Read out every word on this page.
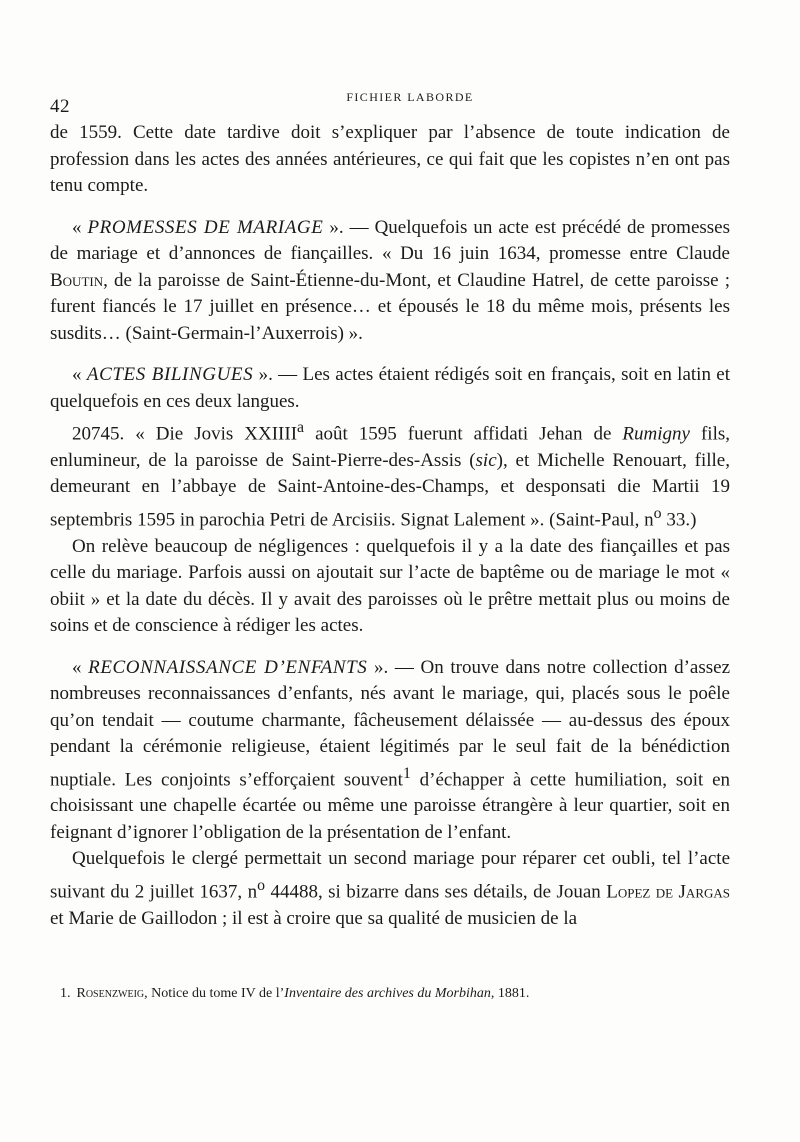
42	FICHIER LABORDE

de 1559. Cette date tardive doit s’expliquer par l’absence de toute indication de profession dans les actes des années antérieures, ce qui fait que les copistes n’en ont pas tenu compte.

« PROMESSES DE MARIAGE ». — Quelquefois un acte est précédé de promesses de mariage et d’annonces de fiançailles. « Du 16 juin 1634, promesse entre Claude Boutin, de la paroisse de Saint-Étienne-du-Mont, et Claudine Hatrel, de cette paroisse ; furent fiancés le 17 juillet en présence… et épousés le 18 du même mois, présents les susdits… (Saint-Germain-l’Auxerrois) ».

« ACTES BILINGUES ». — Les actes étaient rédigés soit en français, soit en latin et quelquefois en ces deux langues.

20745. « Die Jovis XXIIII$^a$ août 1595 fuerunt affidati Jehan de Rumigny fils, enlumineur, de la paroisse de Saint-Pierre-des-Assis (sic), et Michelle Renouart, fille, demeurant en l’abbaye de Saint-Antoine-des-Champs, et desponsati die Martii 19 septembris 1595 in parochia Petri de Arcisiis. Signat Lalement ». (Saint-Paul, $n^o$ 33.)

On relève beaucoup de négligences : quelquefois il y a la date des fiançailles et pas celle du mariage. Parfois aussi on ajoutait sur l’acte de baptême ou de mariage le mot « obiit » et la date du décès. Il y avait des paroisses où le prêtre mettait plus ou moins de soins et de conscience à rédiger les actes.

« RECONNAISSANCE D’ENFANTS ». — On trouve dans notre collection d’assez nombreuses reconnaissances d’enfants, nés avant le mariage, qui, placés sous le poêle qu’on tendait — coutume charmante, fâcheusement délaissée — au-dessus des époux pendant la cérémonie religieuse, étaient légitimés par le seul fait de la bénédiction nuptiale. Les conjoints s’efforçaient souvent$^1$ d’échapper à cette humiliation, soit en choisissant une chapelle écartée ou même une paroisse étrangère à leur quartier, soit en feignant d’ignorer l’obligation de la présentation de l’enfant.

Quelquefois le clergé permettait un second mariage pour réparer cet oubli, tel l’acte suivant du 2 juillet 1637, $n^o$ 44488, si bizarre dans ses détails, de Jouan Lopez de Jargas et Marie de Gaillodon ; il est à croire que sa qualité de musicien de la

1. Rosenzweig, Notice du tome IV de l’Inventaire des archives du Morbihan, 1881.
